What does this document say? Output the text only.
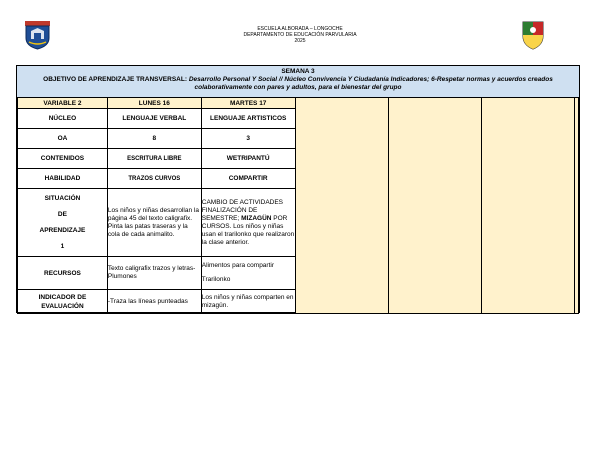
ESCUELA ALBORADA – LONGOCHE
DEPARTAMENTO DE EDUCACIÓN PARVULARIA
2025
SEMANA 3
OBJETIVO DE APRENDIZAJE TRANSVERSAL: Desarrollo Personal Y Social // Núcleo Convivencia Y Ciudadanía Indicadores; 6-Respetar normas y acuerdos creados colaborativamente con pares y adultos, para el bienestar del grupo
VARIABLE 2	LUNES 16	MARTES 17				
NÚCLEO	LENGUAJE VERBAL	LENGUAJE ARTISTICOS				
OA	8	3				
CONTENIDOS	ESCRITURA LIBRE	WETRIPANTÚ				
HABILIDAD	TRAZOS CURVOS	COMPARTIR				

SITUACIÓN
DE
APRENDIZAJE
1	Los niños y niñas desarrollan la página 45 del texto caligrafix. Pinta las patas traseras y la cola de cada animalito.	CAMBIO DE ACTIVIDADES FINALIZACIÓN DE SEMESTRE; MIZAGÜN POR CURSOS. Los niños y niñas usan el trarilonko que realizaron la clase anterior.				
RECURSOS	Texto caligrafix trazos y letras-Plumones	Alimentos para compartir
Trarilonko				

INDICADOR DE
EVALUACIÓN	-Traza las líneas punteadas	Los niños y niñas comparten en mizagün.				
